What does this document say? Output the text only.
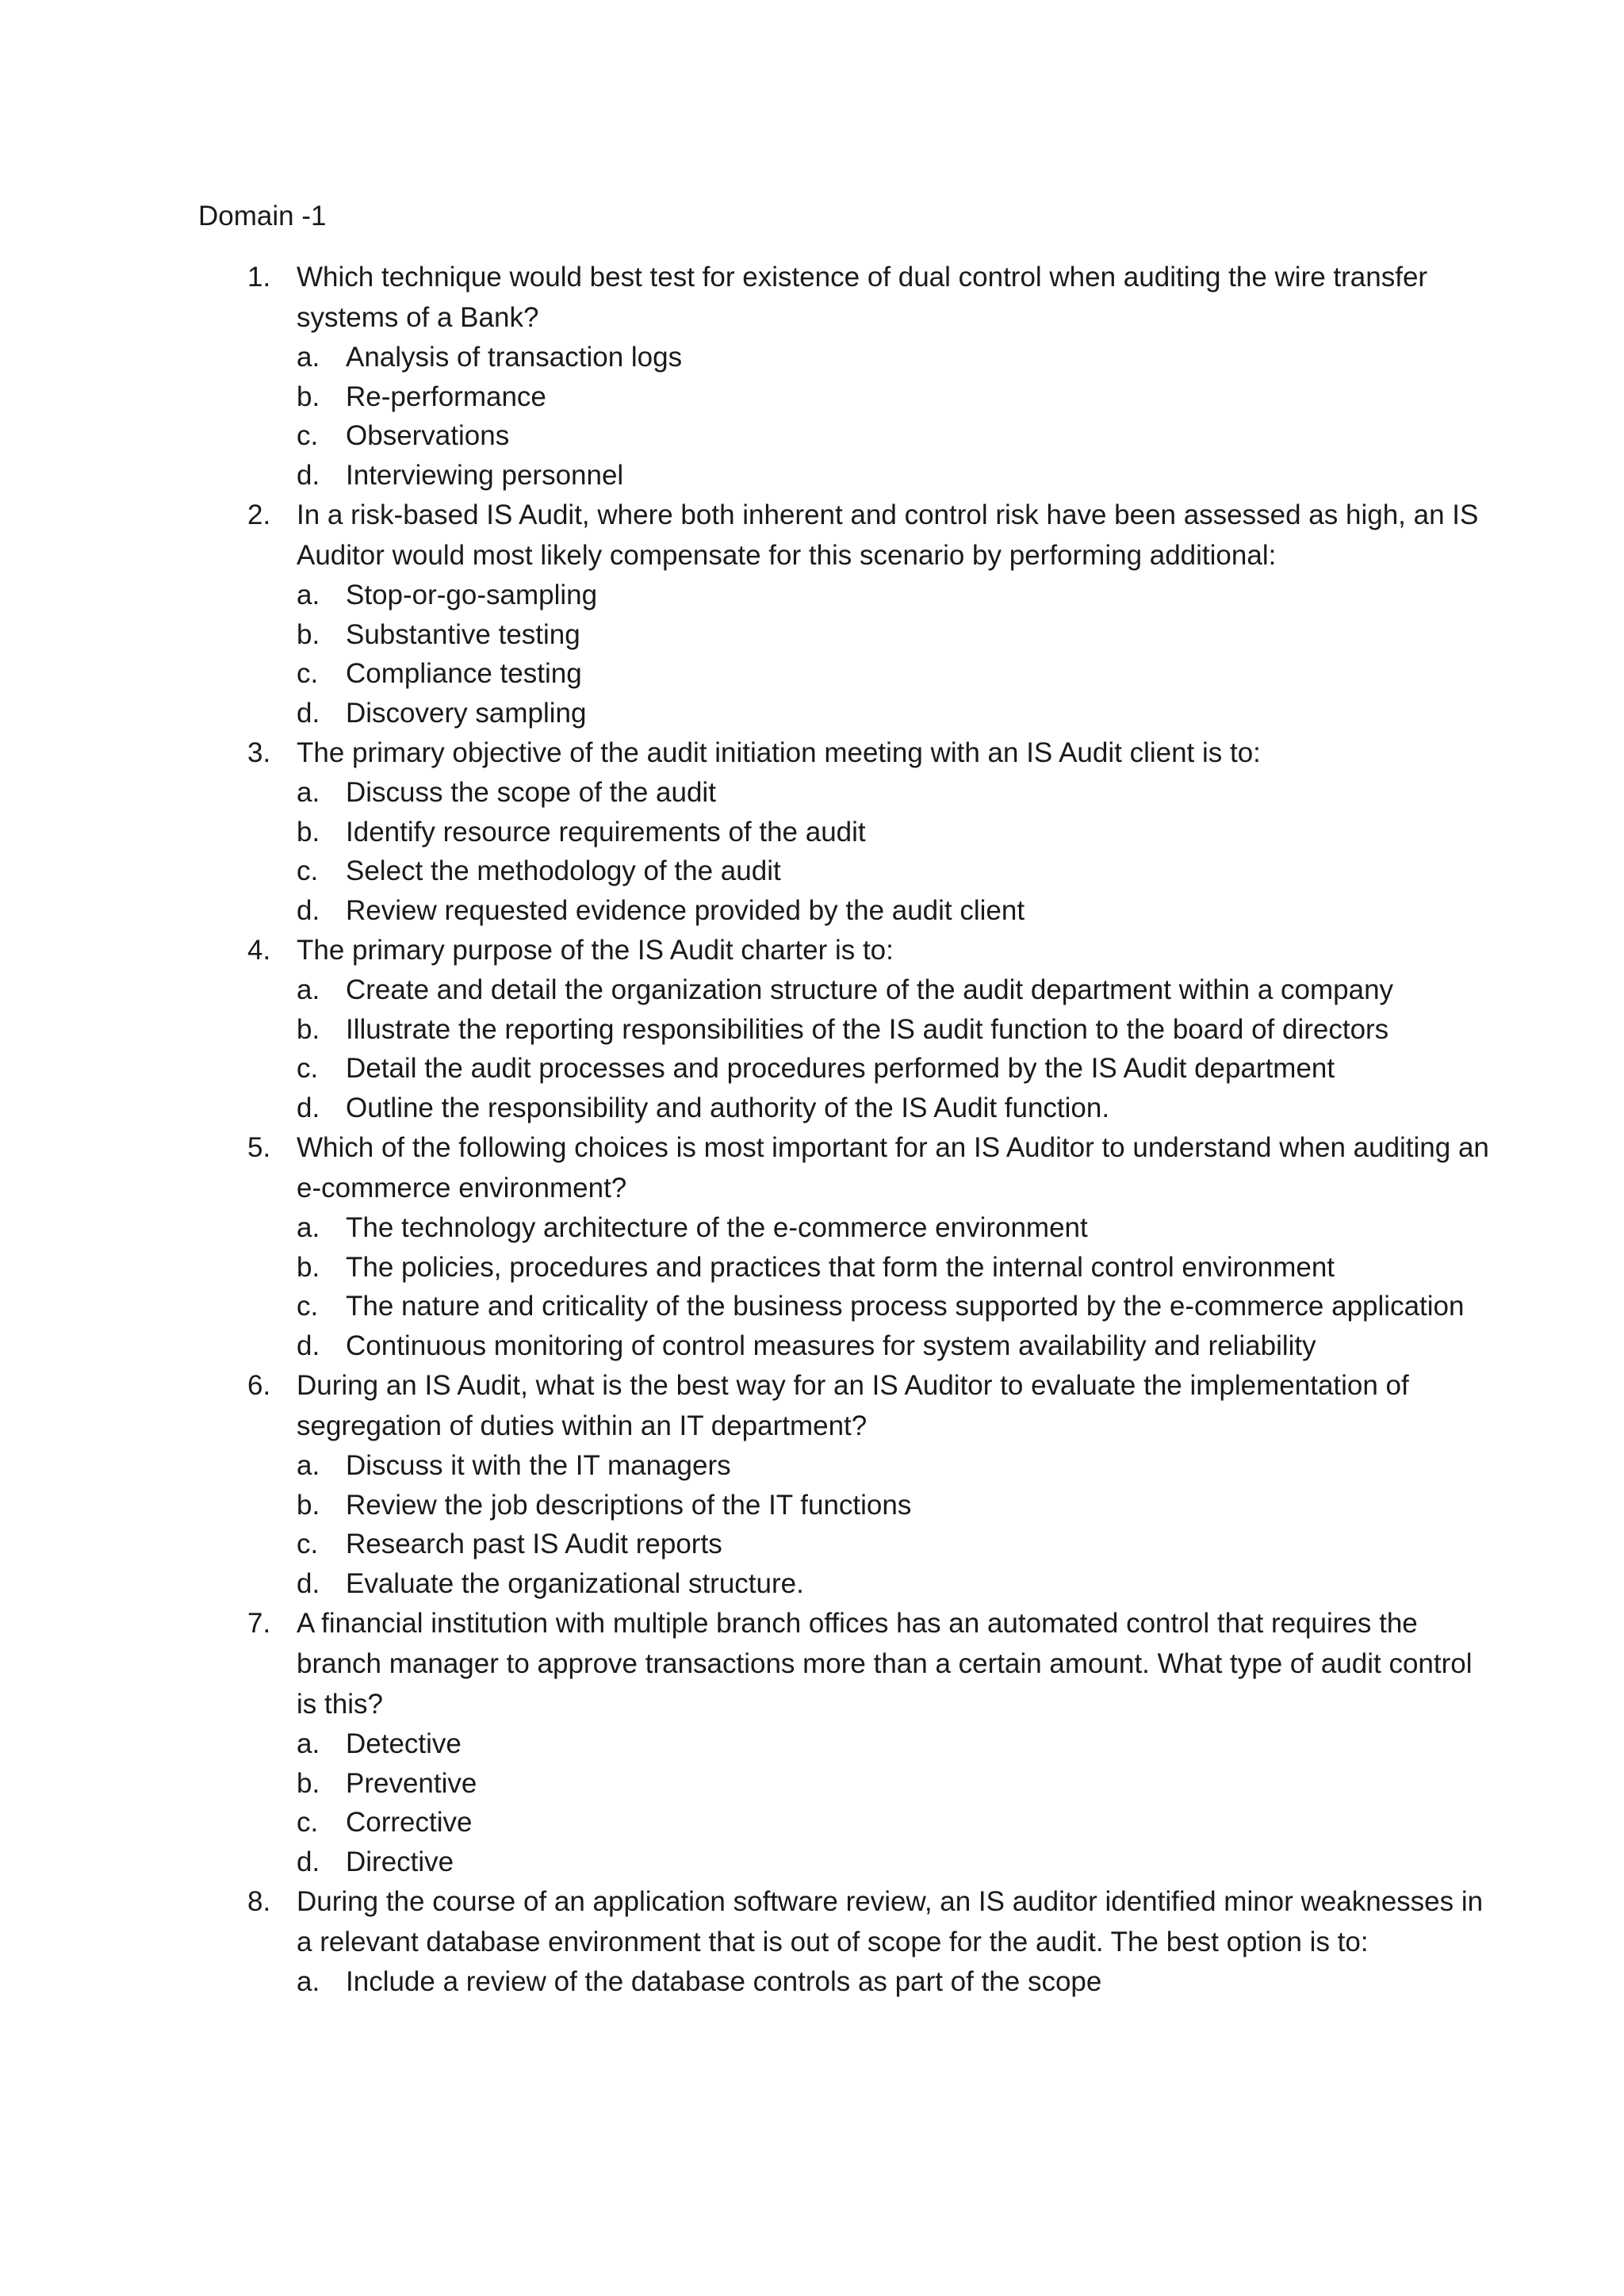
Domain -1

1. Which technique would best test for existence of dual control when auditing the wire transfer systems of a Bank?

a. Analysis of transaction logs
b. Re-performance
c. Observations
d. Interviewing personnel
2. In a risk-based IS Audit, where both inherent and control risk have been assessed as high, an IS Auditor would most likely compensate for this scenario by performing additional:

a. Stop-or-go-sampling
b. Substantive testing
c. Compliance testing
d. Discovery sampling
3. The primary objective of the audit initiation meeting with an IS Audit client is to:

a. Discuss the scope of the audit
b. Identify resource requirements of the audit
c. Select the methodology of the audit
d. Review requested evidence provided by the audit client
4. The primary purpose of the IS Audit charter is to:

a. Create and detail the organization structure of the audit department within a company
b. Illustrate the reporting responsibilities of the IS audit function to the board of directors
c. Detail the audit processes and procedures performed by the IS Audit department
d. Outline the responsibility and authority of the IS Audit function.
5. Which of the following choices is most important for an IS Auditor to understand when auditing an e-commerce environment?

a. The technology architecture of the e-commerce environment
b. The policies, procedures and practices that form the internal control environment
c. The nature and criticality of the business process supported by the e-commerce application
d. Continuous monitoring of control measures for system availability and reliability
6. During an IS Audit, what is the best way for an IS Auditor to evaluate the implementation of segregation of duties within an IT department?

a. Discuss it with the IT managers
b. Review the job descriptions of the IT functions
c. Research past IS Audit reports
d. Evaluate the organizational structure.
7. A financial institution with multiple branch offices has an automated control that requires the branch manager to approve transactions more than a certain amount. What type of audit control is this?

a. Detective
b. Preventive
c. Corrective
d. Directive
8. During the course of an application software review, an IS auditor identified minor weaknesses in a relevant database environment that is out of scope for the audit. The best option is to:

a. Include a review of the database controls as part of the scope
